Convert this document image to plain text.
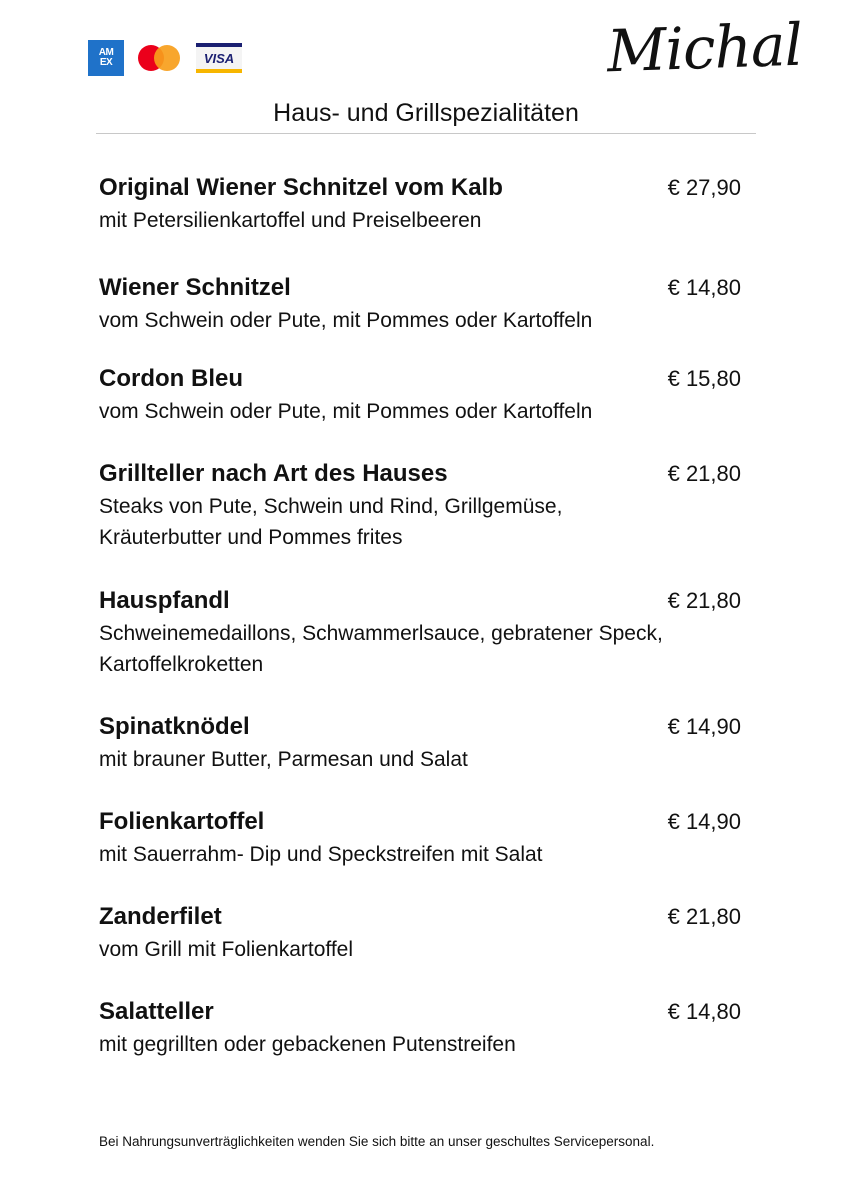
AM
EX	VISA	Michal
Haus- und Grillspezialitäten
Original Wiener Schnitzel vom Kalb	€ 27,90
mit Petersilienkartoffel und Preiselbeeren
Wiener Schnitzel	€ 14,80
vom Schwein oder Pute, mit Pommes oder Kartoffeln
Cordon Bleu	€ 15,80
vom Schwein oder Pute, mit Pommes oder Kartoffeln
Grillteller nach Art des Hauses	€ 21,80
Steaks von Pute, Schwein und Rind, Grillgemüse,
Kräuterbutter und Pommes frites
Hauspfandl	€ 21,80
Schweinemedaillons, Schwammerlsauce, gebratener Speck,
Kartoffelkroketten
Spinatknödel	€ 14,90
mit brauner Butter, Parmesan und Salat
Folienkartoffel	€ 14,90
mit Sauerrahm- Dip und Speckstreifen mit Salat
Zanderfilet	€ 21,80
vom Grill mit Folienkartoffel
Salatteller	€ 14,80
mit gegrillten oder gebackenen Putenstreifen
Bei Nahrungsunverträglichkeiten wenden Sie sich bitte an unser geschultes Servicepersonal.
